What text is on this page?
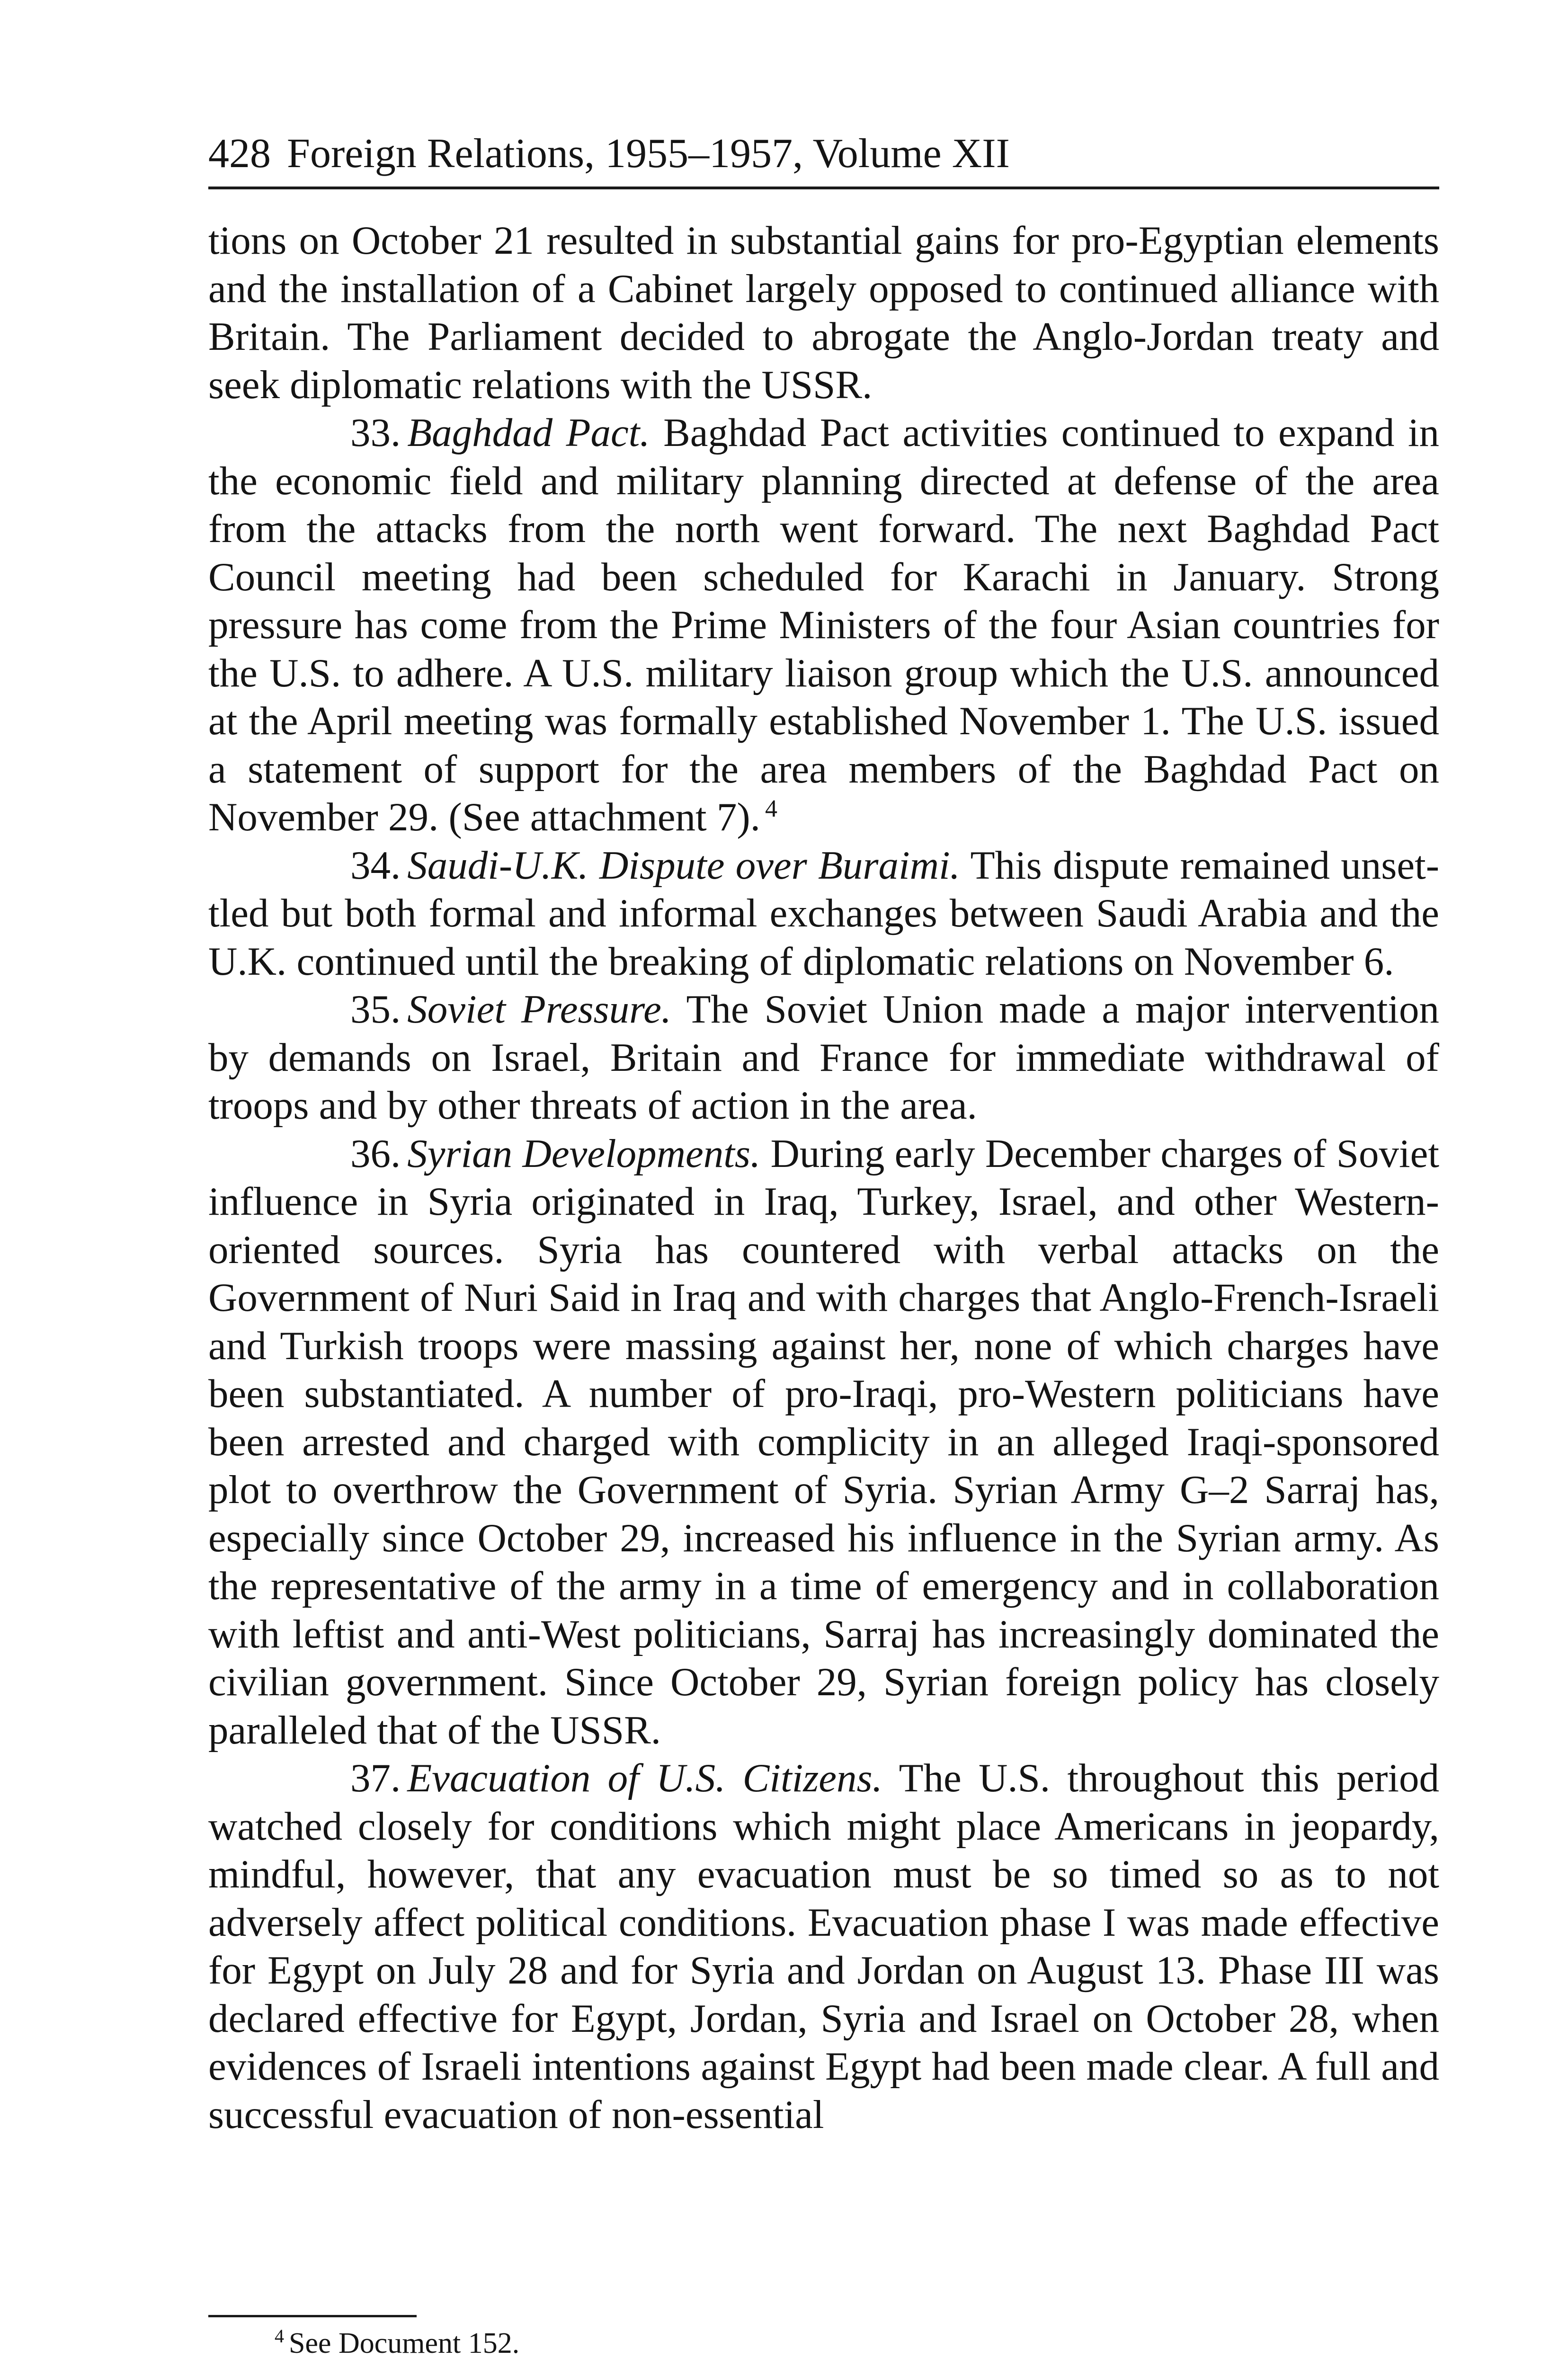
428 Foreign Relations, 1955–1957, Volume XII

tions on October 21 resulted in substantial gains for pro-Egyptian elements and the installation of a Cabinet largely opposed to continued alliance with Britain. The Parliament decided to abrogate the Anglo-Jordan treaty and seek diplomatic relations with the USSR.

33. Baghdad Pact. Baghdad Pact activities continued to expand in the economic field and military planning directed at defense of the area from the attacks from the north went forward. The next Baghdad Pact Council meeting had been scheduled for Karachi in January. Strong pressure has come from the Prime Ministers of the four Asian countries for the U.S. to adhere. A U.S. military liaison group which the U.S. announced at the April meeting was formally established November 1. The U.S. issued a statement of support for the area members of the Baghdad Pact on November 29. (See attachment 7). $^4$

34. Saudi-U.K. Dispute over Buraimi. This dispute remained unsettled but both formal and informal exchanges between Saudi Arabia and the U.K. continued until the breaking of diplomatic relations on November 6.

35. Soviet Pressure. The Soviet Union made a major intervention by demands on Israel, Britain and France for immediate withdrawal of troops and by other threats of action in the area.

36. Syrian Developments. During early December charges of Soviet influence in Syria originated in Iraq, Turkey, Israel, and other Western-oriented sources. Syria has countered with verbal attacks on the Government of Nuri Said in Iraq and with charges that Anglo-French-Israeli and Turkish troops were massing against her, none of which charges have been substantiated. A number of pro-Iraqi, pro-Western politicians have been arrested and charged with complicity in an alleged Iraqi-sponsored plot to overthrow the Government of Syria. Syrian Army G–2 Sarraj has, especially since October 29, increased his influence in the Syrian army. As the representative of the army in a time of emergency and in collaboration with leftist and anti-West politicians, Sarraj has increasingly dominated the civilian government. Since October 29, Syrian foreign policy has closely paralleled that of the USSR.

37. Evacuation of U.S. Citizens. The U.S. throughout this period watched closely for conditions which might place Americans in jeopardy, mindful, however, that any evacuation must be so timed so as to not adversely affect political conditions. Evacuation phase I was made effective for Egypt on July 28 and for Syria and Jordan on August 13. Phase III was declared effective for Egypt, Jordan, Syria and Israel on October 28, when evidences of Israeli intentions against Egypt had been made clear. A full and successful evacuation of non-essential

$^4$ See Document 152.
